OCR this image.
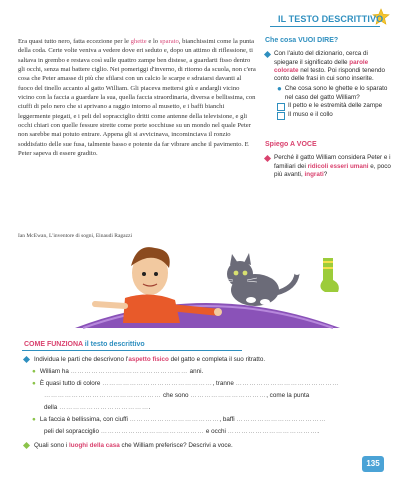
IL TESTO DESCRITTIVO
Era quasi tutto nero, fatta eccezione per le ghette e lo sparato, bianchissimi come la punta della coda. Certe volte veniva a vedere dove eri seduto e, dopo un attimo di riflessione, ti saltava in grembo e restava così sulle quattro zampe ben distese, a guardarti fisso dentro gli occhi, senza mai battere ciglio. Nei pomeriggi d'inverno, di ritorno da scuola, non c'era cosa che Peter amasse di più che sfilarsi con un calcio le scarpe e sdraiarsi davanti al fuoco del tinello accanto al gatto William. Gli piaceva mettersi giù e andargli vicino vicino con la faccia a guardare la sua, quella faccia straordinaria, diversa e bellissima, con ciuffi di pelo nero che si aprivano a raggio intorno al musetto, e i baffi bianchi leggermente piegati, e i peli del sopracciglio dritti come antenne della televisione, e gli occhi chiari con quelle fessure strette come porte socchiuse su un mondo nel quale Peter non sarebbe mai potuto entrare. Appena gli si avvicinava, incominciava il ronzio soddisfatto delle sue fusa, talmente basso e potente da far vibrare anche il pavimento. E Peter sapeva di essere gradito.
Ian McEwan, L'inventore di sogni, Einaudi Ragazzi
Che cosa VUOI DIRE?
Con l'aiuto del dizionario, cerca di spiegare il significato delle parole colorate nel testo. Poi rispondi tenendo conto delle frasi in cui sono inserite.
● Che cosa sono le ghette e lo sparato nel caso del gatto William?
Il petto e le estremità delle zampe
Il muso e il collo
Spiego A VOCE
Perché il gatto William considera Peter e i familiari dei ridicoli esseri umani e, poco più avanti, ingrati?
COME FUNZIONA il testo descrittivo
Individua le parti che descrivono l'aspetto fisico del gatto e completa il suo ritratto.
● William ha …………………………………………… anni.
● È quasi tutto di colore …………………………………………, tranne ………………………………………
…………………………………………… che sono ……………………………, come la punta
della ………………………………….
● La faccia è bellissima, con ciuffi …………………………………, baffi …………………………………
peli del sopracciglio ……………………………………… e occhi ………………………………….
Quali sono i luoghi della casa che William preferisce? Descrivi a voce.
135
